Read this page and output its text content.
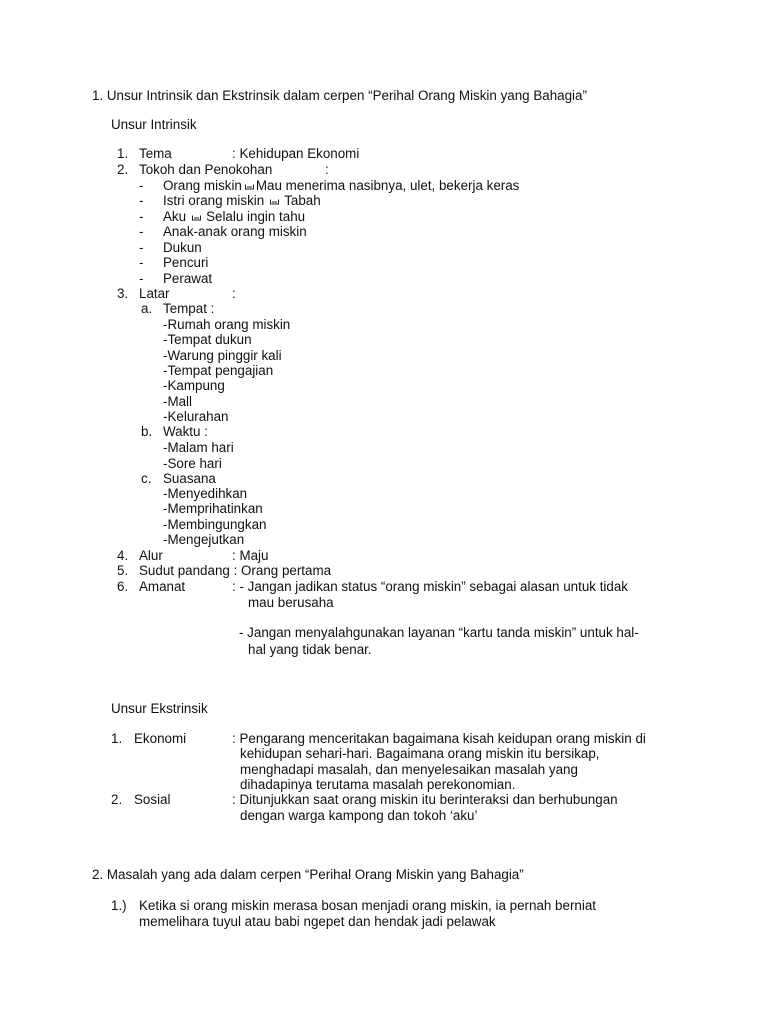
1. Unsur Intrinsik dan Ekstrinsik dalam cerpen “Perihal Orang Miskin yang Bahagia”
Unsur Intrinsik
1. Tema	: Kehidupan Ekonomi
2. Tokoh dan Penokohan	:
- Orang miskin Mau menerima nasibnya, ulet, bekerja keras
- Istri orang miskin Tabah
- Aku Selalu ingin tahu
- Anak-anak orang miskin
- Dukun
- Pencuri
- Perawat
3. Latar	:
a. Tempat :
-Rumah orang miskin
-Tempat dukun
-Warung pinggir kali
-Tempat pengajian
-Kampung
-Mall
-Kelurahan
b. Waktu :
-Malam hari
-Sore hari
c. Suasana
-Menyedihkan
-Memprihatinkan
-Membingungkan
-Mengejutkan
4. Alur	: Maju
5. Sudut pandang : Orang pertama
6. Amanat	: - Jangan jadikan status “orang miskin” sebagai alasan untuk tidak
mau berusaha
- Jangan menyalahgunakan layanan “kartu tanda miskin” untuk hal-
hal yang tidak benar.
Unsur Ekstrinsik
1. Ekonomi	: Pengarang menceritakan bagaimana kisah keidupan orang miskin di
kehidupan sehari-hari. Bagaimana orang miskin itu bersikap,
menghadapi masalah, dan menyelesaikan masalah yang
dihadapinya terutama masalah perekonomian.
2. Sosial	: Ditunjukkan saat orang miskin itu berinteraksi dan berhubungan
dengan warga kampong dan tokoh ‘aku’
2. Masalah yang ada dalam cerpen “Perihal Orang Miskin yang Bahagia”
1.) Ketika si orang miskin merasa bosan menjadi orang miskin, ia pernah berniat
memelihara tuyul atau babi ngepet dan hendak jadi pelawak
